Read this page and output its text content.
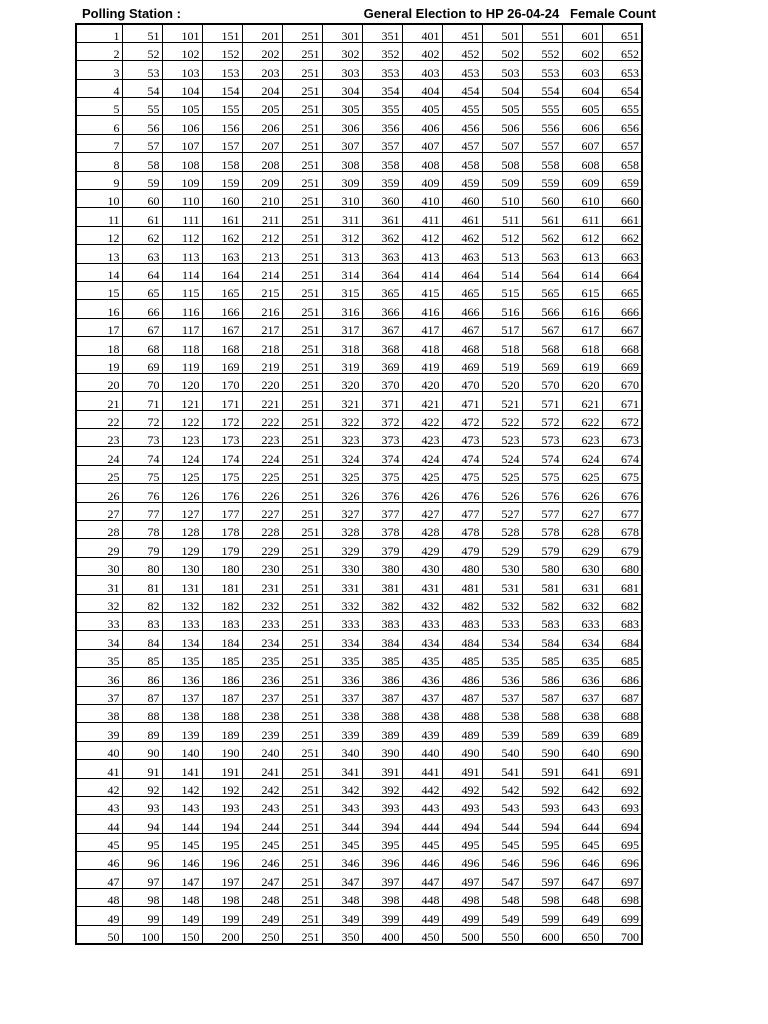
Polling Station :	General Election to HP 26-04-24   Female Count
1	51	101	151	201	251	301	351	401	451	501	551	601	651
2	52	102	152	202	251	302	352	402	452	502	552	602	652
3	53	103	153	203	251	303	353	403	453	503	553	603	653
4	54	104	154	204	251	304	354	404	454	504	554	604	654
5	55	105	155	205	251	305	355	405	455	505	555	605	655
6	56	106	156	206	251	306	356	406	456	506	556	606	656
7	57	107	157	207	251	307	357	407	457	507	557	607	657
8	58	108	158	208	251	308	358	408	458	508	558	608	658
9	59	109	159	209	251	309	359	409	459	509	559	609	659
10	60	110	160	210	251	310	360	410	460	510	560	610	660
11	61	111	161	211	251	311	361	411	461	511	561	611	661
12	62	112	162	212	251	312	362	412	462	512	562	612	662
13	63	113	163	213	251	313	363	413	463	513	563	613	663
14	64	114	164	214	251	314	364	414	464	514	564	614	664
15	65	115	165	215	251	315	365	415	465	515	565	615	665
16	66	116	166	216	251	316	366	416	466	516	566	616	666
17	67	117	167	217	251	317	367	417	467	517	567	617	667
18	68	118	168	218	251	318	368	418	468	518	568	618	668
19	69	119	169	219	251	319	369	419	469	519	569	619	669
20	70	120	170	220	251	320	370	420	470	520	570	620	670
21	71	121	171	221	251	321	371	421	471	521	571	621	671
22	72	122	172	222	251	322	372	422	472	522	572	622	672
23	73	123	173	223	251	323	373	423	473	523	573	623	673
24	74	124	174	224	251	324	374	424	474	524	574	624	674
25	75	125	175	225	251	325	375	425	475	525	575	625	675
26	76	126	176	226	251	326	376	426	476	526	576	626	676
27	77	127	177	227	251	327	377	427	477	527	577	627	677
28	78	128	178	228	251	328	378	428	478	528	578	628	678
29	79	129	179	229	251	329	379	429	479	529	579	629	679
30	80	130	180	230	251	330	380	430	480	530	580	630	680
31	81	131	181	231	251	331	381	431	481	531	581	631	681
32	82	132	182	232	251	332	382	432	482	532	582	632	682
33	83	133	183	233	251	333	383	433	483	533	583	633	683
34	84	134	184	234	251	334	384	434	484	534	584	634	684
35	85	135	185	235	251	335	385	435	485	535	585	635	685
36	86	136	186	236	251	336	386	436	486	536	586	636	686
37	87	137	187	237	251	337	387	437	487	537	587	637	687
38	88	138	188	238	251	338	388	438	488	538	588	638	688
39	89	139	189	239	251	339	389	439	489	539	589	639	689
40	90	140	190	240	251	340	390	440	490	540	590	640	690
41	91	141	191	241	251	341	391	441	491	541	591	641	691
42	92	142	192	242	251	342	392	442	492	542	592	642	692
43	93	143	193	243	251	343	393	443	493	543	593	643	693
44	94	144	194	244	251	344	394	444	494	544	594	644	694
45	95	145	195	245	251	345	395	445	495	545	595	645	695
46	96	146	196	246	251	346	396	446	496	546	596	646	696
47	97	147	197	247	251	347	397	447	497	547	597	647	697
48	98	148	198	248	251	348	398	448	498	548	598	648	698
49	99	149	199	249	251	349	399	449	499	549	599	649	699
50	100	150	200	250	251	350	400	450	500	550	600	650	700
